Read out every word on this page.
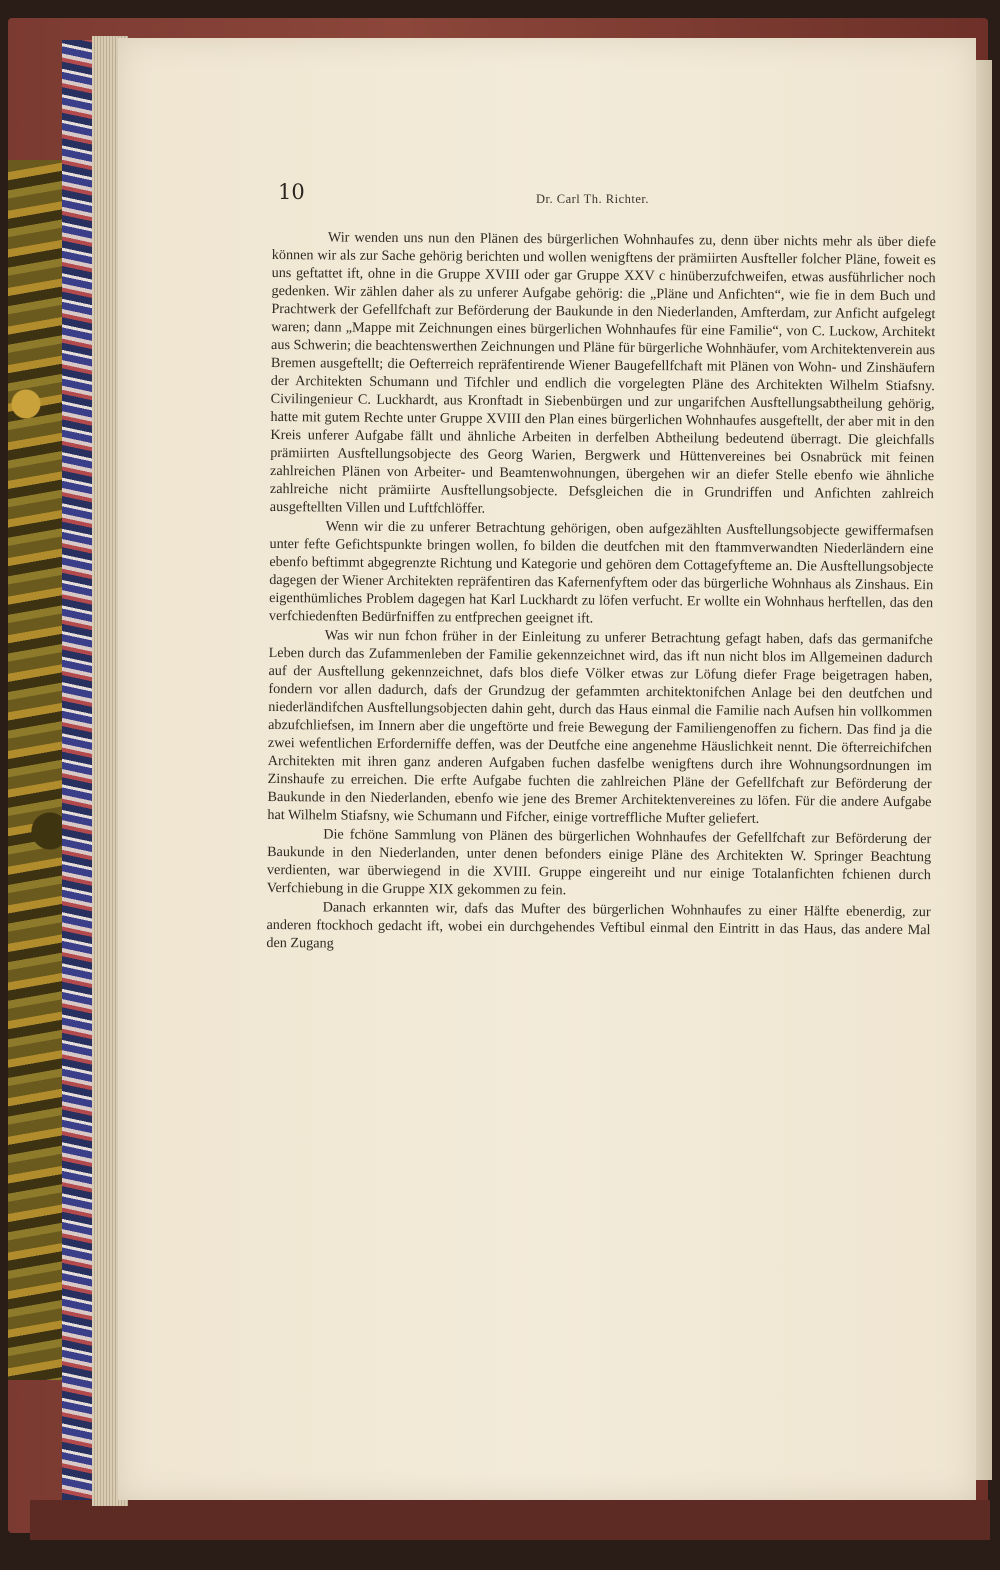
10	Dr. Carl Th. Richter.

Wir wenden uns nun den Plänen des bürgerlichen Wohnhaufes zu, denn über nichts mehr als über diefe können wir als zur Sache gehörig berichten und wollen wenigftens der prämiirten Ausfteller folcher Pläne, foweit es uns geftattet ift, ohne in die Gruppe XVIII oder gar Gruppe XXV c hinüberzufchweifen, etwas ausführlicher noch gedenken. Wir zählen daher als zu unferer Aufgabe gehörig: die „Pläne und Anfichten“, wie fie in dem Buch und Prachtwerk der Gefellfchaft zur Beförderung der Baukunde in den Niederlanden, Amfterdam, zur Anficht aufgelegt waren; dann „Mappe mit Zeichnungen eines bürgerlichen Wohnhaufes für eine Familie“, von C. Luckow, Architekt aus Schwerin; die beachtenswerthen Zeichnungen und Pläne für bürgerliche Wohnhäufer, vom Architektenverein aus Bremen ausgeftellt; die Oefterreich repräfentirende Wiener Baugefellfchaft mit Plänen von Wohn- und Zinshäufern der Architekten Schumann und Tifchler und endlich die vorgelegten Pläne des Architekten Wilhelm Stiafsny. Civilingenieur C. Luckhardt, aus Kronftadt in Siebenbürgen und zur ungarifchen Ausftellungsabtheilung gehörig, hatte mit gutem Rechte unter Gruppe XVIII den Plan eines bürgerlichen Wohnhaufes ausgeftellt, der aber mit in den Kreis unferer Aufgabe fällt und ähnliche Arbeiten in derfelben Abtheilung bedeutend überragt. Die gleichfalls prämiirten Ausftellungsobjecte des Georg Warien, Bergwerk und Hüttenvereines bei Osnabrück mit feinen zahlreichen Plänen von Arbeiter- und Beamtenwohnungen, übergehen wir an diefer Stelle ebenfo wie ähnliche zahlreiche nicht prämiirte Ausftellungsobjecte. Defsgleichen die in Grundriffen und Anfichten zahlreich ausgeftellten Villen und Luftfchlöffer.

Wenn wir die zu unferer Betrachtung gehörigen, oben aufgezählten Ausftellungsobjecte gewiffermafsen unter fefte Gefichtspunkte bringen wollen, fo bilden die deutfchen mit den ftammverwandten Niederländern eine ebenfo beftimmt abgegrenzte Richtung und Kategorie und gehören dem Cottagefyfteme an. Die Ausftellungsobjecte dagegen der Wiener Architekten repräfentiren das Kafernenfyftem oder das bürgerliche Wohnhaus als Zinshaus. Ein eigenthümliches Problem dagegen hat Karl Luckhardt zu löfen verfucht. Er wollte ein Wohnhaus herftellen, das den verfchiedenften Bedürfniffen zu entfprechen geeignet ift.

Was wir nun fchon früher in der Einleitung zu unferer Betrachtung gefagt haben, dafs das germanifche Leben durch das Zufammenleben der Familie gekennzeichnet wird, das ift nun nicht blos im Allgemeinen dadurch auf der Ausftellung gekennzeichnet, dafs blos diefe Völker etwas zur Löfung diefer Frage beigetragen haben, fondern vor allen dadurch, dafs der Grundzug der gefammten architektonifchen Anlage bei den deutfchen und niederländifchen Ausftellungsobjecten dahin geht, durch das Haus einmal die Familie nach Aufsen hin vollkommen abzufchliefsen, im Innern aber die ungeftörte und freie Bewegung der Familiengenoffen zu fichern. Das find ja die zwei wefentlichen Erforderniffe deffen, was der Deutfche eine angenehme Häuslichkeit nennt. Die öfterreichifchen Architekten mit ihren ganz anderen Aufgaben fuchen dasfelbe wenigftens durch ihre Wohnungsordnungen im Zinshaufe zu erreichen. Die erfte Aufgabe fuchten die zahlreichen Pläne der Gefellfchaft zur Beförderung der Baukunde in den Niederlanden, ebenfo wie jene des Bremer Architektenvereines zu löfen. Für die andere Aufgabe hat Wilhelm Stiafsny, wie Schumann und Fifcher, einige vortreffliche Mufter geliefert.

Die fchöne Sammlung von Plänen des bürgerlichen Wohnhaufes der Gefellfchaft zur Beförderung der Baukunde in den Niederlanden, unter denen befonders einige Pläne des Architekten W. Springer Beachtung verdienten, war überwiegend in die XVIII. Gruppe eingereiht und nur einige Totalanfichten fchienen durch Verfchiebung in die Gruppe XIX gekommen zu fein.

Danach erkannten wir, dafs das Mufter des bürgerlichen Wohnhaufes zu einer Hälfte ebenerdig, zur anderen ftockhoch gedacht ift, wobei ein durchgehendes Veftibul einmal den Eintritt in das Haus, das andere Mal den Zugang
